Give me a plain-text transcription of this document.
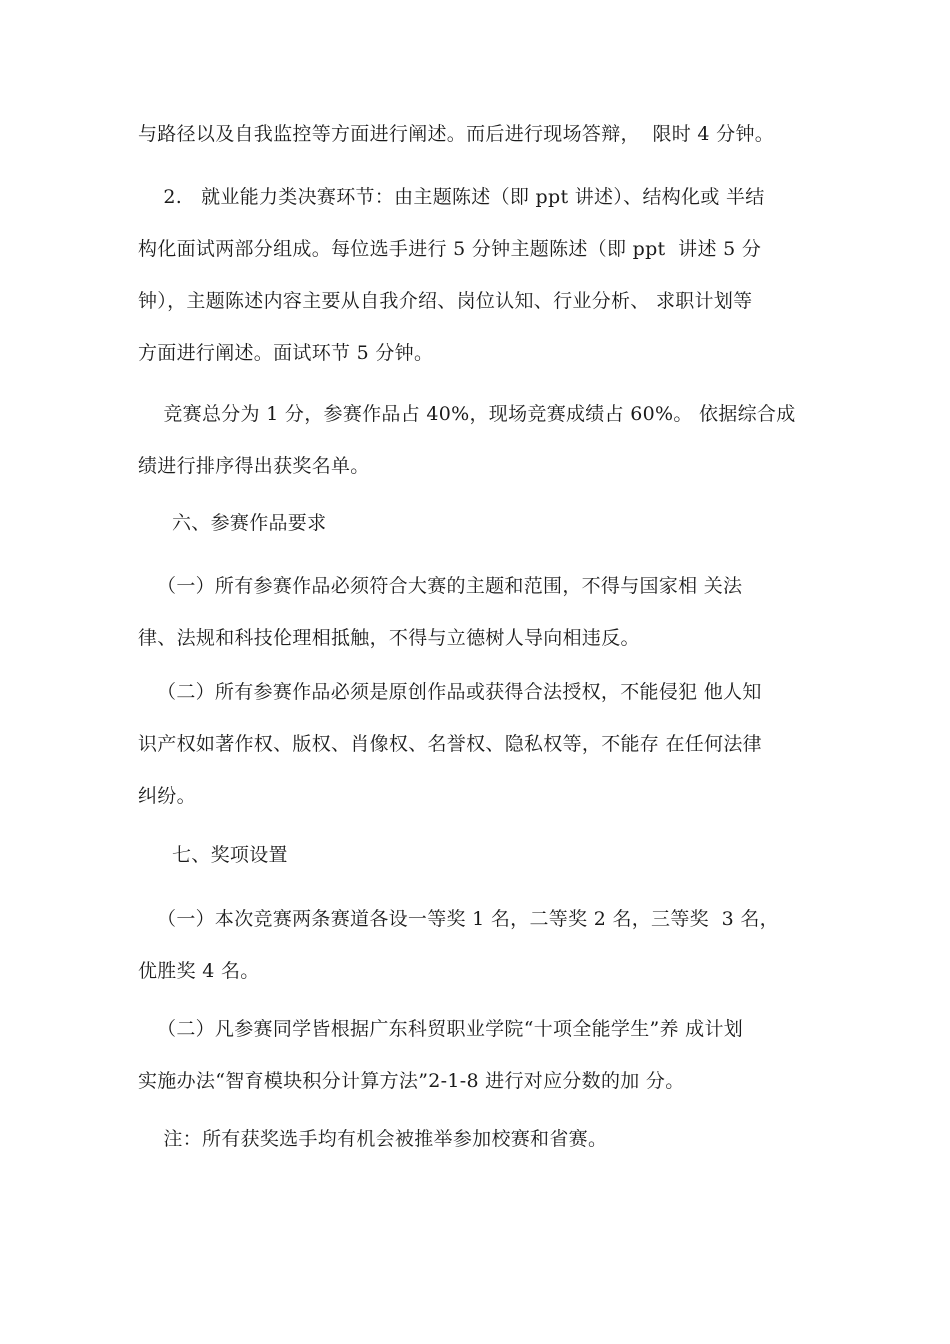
与路径以及自我监控等方面进行阐述。而后进行现场答辩，  限时 4 分钟。

2.   就业能力类决赛环节：由主题陈述（即 ppt 讲述）、结构化或 半结
构化面试两部分组成。每位选手进行 5 分钟主题陈述（即 ppt  讲述 5 分
钟），主题陈述内容主要从自我介绍、岗位认知、行业分析、 求职计划等
方面进行阐述。面试环节 5 分钟。

竞赛总分为 1 分，参赛作品占 40%，现场竞赛成绩占 60%。 依据综合成
绩进行排序得出获奖名单。

六、参赛作品要求

（一）所有参赛作品必须符合大赛的主题和范围，不得与国家相 关法
律、法规和科技伦理相抵触，不得与立德树人导向相违反。

（二）所有参赛作品必须是原创作品或获得合法授权，不能侵犯 他人知
识产权如著作权、版权、肖像权、名誉权、隐私权等，不能存 在任何法律
纠纷。

七、奖项设置

（一）本次竞赛两条赛道各设一等奖 1 名，二等奖 2 名，三等奖  3 名，
优胜奖 4 名。

（二）凡参赛同学皆根据广东科贸职业学院“十项全能学生”养 成计划
实施办法“智育模块积分计算方法”2-1-8 进行对应分数的加 分。

注：所有获奖选手均有机会被推举参加校赛和省赛。
